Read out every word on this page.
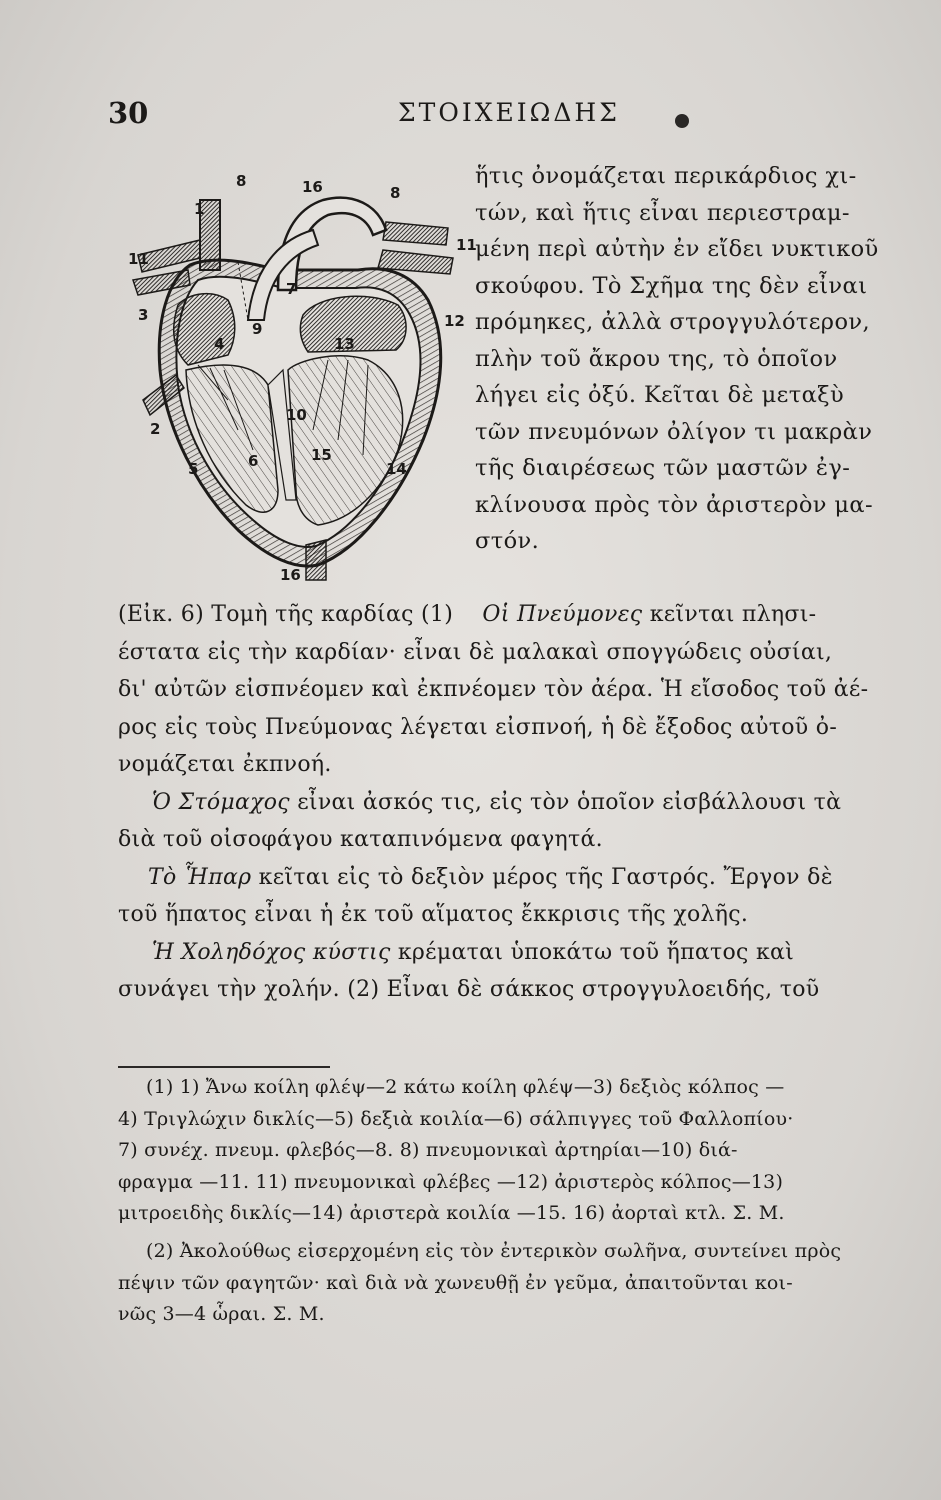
30	ΣΤΟΙΧΕΙΩΔΗΣ
8	16	8
1
11
11
3
4
9
7
13
12
2
10
5	6	15
14
16
ἥτις ὀνομάζεται περικάρδιος χι-
τών, καὶ ἥτις εἶναι περιεστραμ-
μένη περὶ αὐτὴν ἐν εἴδει νυκτικοῦ
σκούφου. Τὸ Σχῆμα της δὲν εἶναι
πρόμηκες, ἀλλὰ στρογγυλότερον,
πλὴν τοῦ ἄκρου της, τὸ ὁποῖον
λήγει εἰς ὀξύ. Κεῖται δὲ μεταξὺ
τῶν πνευμόνων ὀλίγον τι μακρὰν
τῆς διαιρέσεως τῶν μαστῶν ἐγ-
κλίνουσα πρὸς τὸν ἀριστερὸν μα-
στόν.
(Εἰκ. 6) Τομὴ τῆς καρδίας (1) Οἱ Πνεύμονες κεῖνται πλησι-
έστατα εἰς τὴν καρδίαν· εἶναι δὲ μαλακαὶ σπογγώδεις οὐσίαι,
δι' αὐτῶν εἰσπνέομεν καὶ ἐκπνέομεν τὸν ἀέρα. Ἡ εἴσοδος τοῦ ἀέ-
ρος εἰς τοὺς Πνεύμονας λέγεται εἰσπνοή, ἡ δὲ ἔξοδος αὐτοῦ ὀ-
νομάζεται ἐκπνοή.
Ὁ Στόμαχος εἶναι ἀσκός τις, εἰς τὸν ὁποῖον εἰσβάλλουσι τὰ
διὰ τοῦ οἰσοφάγου καταπινόμενα φαγητά.
Τὸ Ἧπαρ κεῖται εἰς τὸ δεξιὸν μέρος τῆς Γαστρός. Ἔργον δὲ
τοῦ ἥπατος εἶναι ἡ ἐκ τοῦ αἵματος ἔκκρισις τῆς χολῆς.
Ἡ Χοληδόχος κύστις κρέμαται ὑποκάτω τοῦ ἥπατος καὶ
συνάγει τὴν χολήν. (2) Εἶναι δὲ σάκκος στρογγυλοειδής, τοῦ
(1) 1) Ἄνω κοίλη φλέψ—2 κάτω κοίλη φλέψ—3) δεξιὸς κόλπος —
4) Τριγλώχιν δικλίς—5) δεξιὰ κοιλία—6) σάλπιγγες τοῦ Φαλλοπίου·
7) συνέχ. πνευμ. φλεβός—8. 8) πνευμονικαὶ ἀρτηρίαι—10) διά-
φραγμα —11. 11) πνευμονικαὶ φλέβες —12) ἀριστερὸς κόλπος—13)
μιτροειδὴς δικλίς—14) ἀριστερὰ κοιλία —15. 16) ἀορταὶ κτλ. Σ. Μ.
(2) Ἀκολούθως εἰσερχομένη εἰς τὸν ἐντερικὸν σωλῆνα, συντείνει πρὸς
πέψιν τῶν φαγητῶν· καὶ διὰ νὰ χωνευθῇ ἐν γεῦμα, ἀπαιτοῦνται κοι-
νῶς 3—4 ὧραι. Σ. Μ.
